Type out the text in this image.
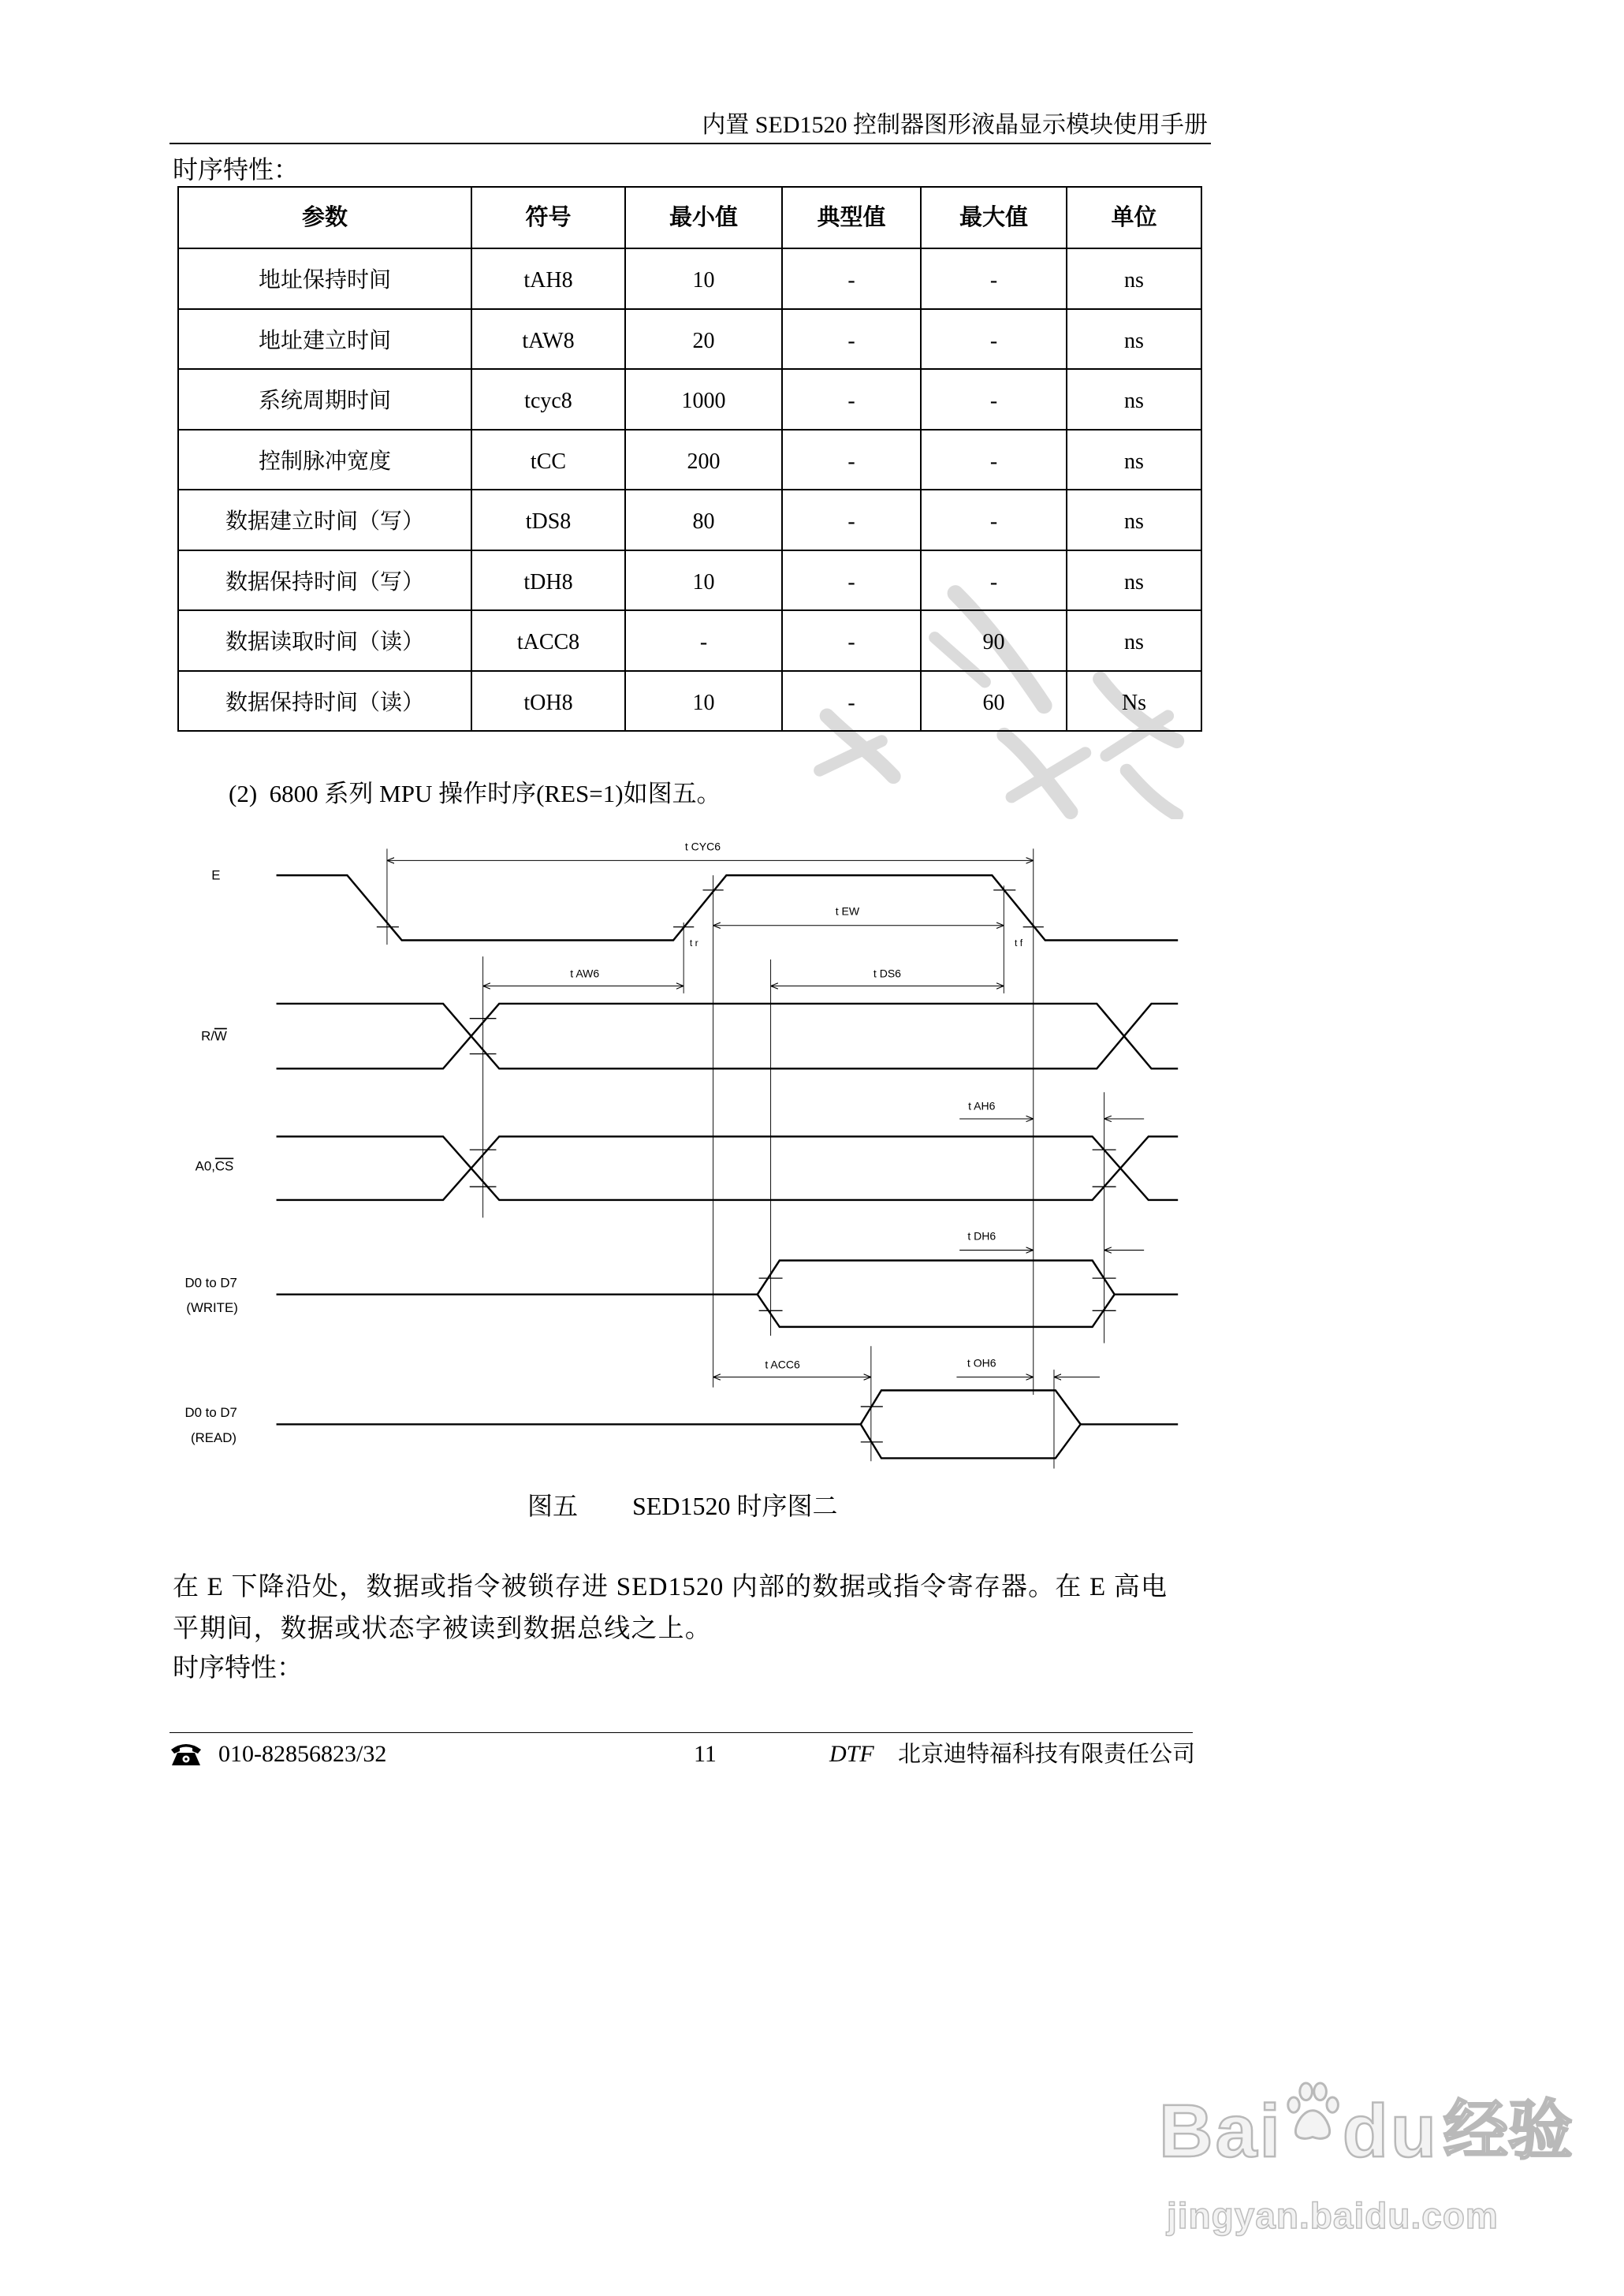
内置 SED1520 控制器图形液晶显示模块使用手册
时序特性：
参数	符号	最小值	典型值	最大值	单位
地址保持时间	tAH8	10	-	-	ns
地址建立时间	tAW8	20	-	-	ns
系统周期时间	tcyc8	1000	-	-	ns
控制脉冲宽度	tCC	200	-	-	ns
数据建立时间（写）	tDS8	80	-	-	ns
数据保持时间（写）	tDH8	10	-	-	ns
数据读取时间（读）	tACC8	-	-	90	ns
数据保持时间（读）	tOH8	10	-	60	Ns
(2)  6800 系列 MPU 操作时序(RES=1)如图五。
E
R/W
A0,CS
D0 to D7
(WRITE)
D0 to D7
(READ)
t CYC6
t EW
t r	t f
t AW6	t DS6
t AH6
t DH6
t ACC6	t OH6
图五 SED1520 时序图二
在 E 下降沿处，数据或指令被锁存进 SED1520 内部的数据或指令寄存器。在 E 高电
平期间，数据或状态字被读到数据总线之上。
时序特性：
010-82856823/32	11	DTF 北京迪特福科技有限责任公司
Bai du 经验
jingyan.baidu.com
